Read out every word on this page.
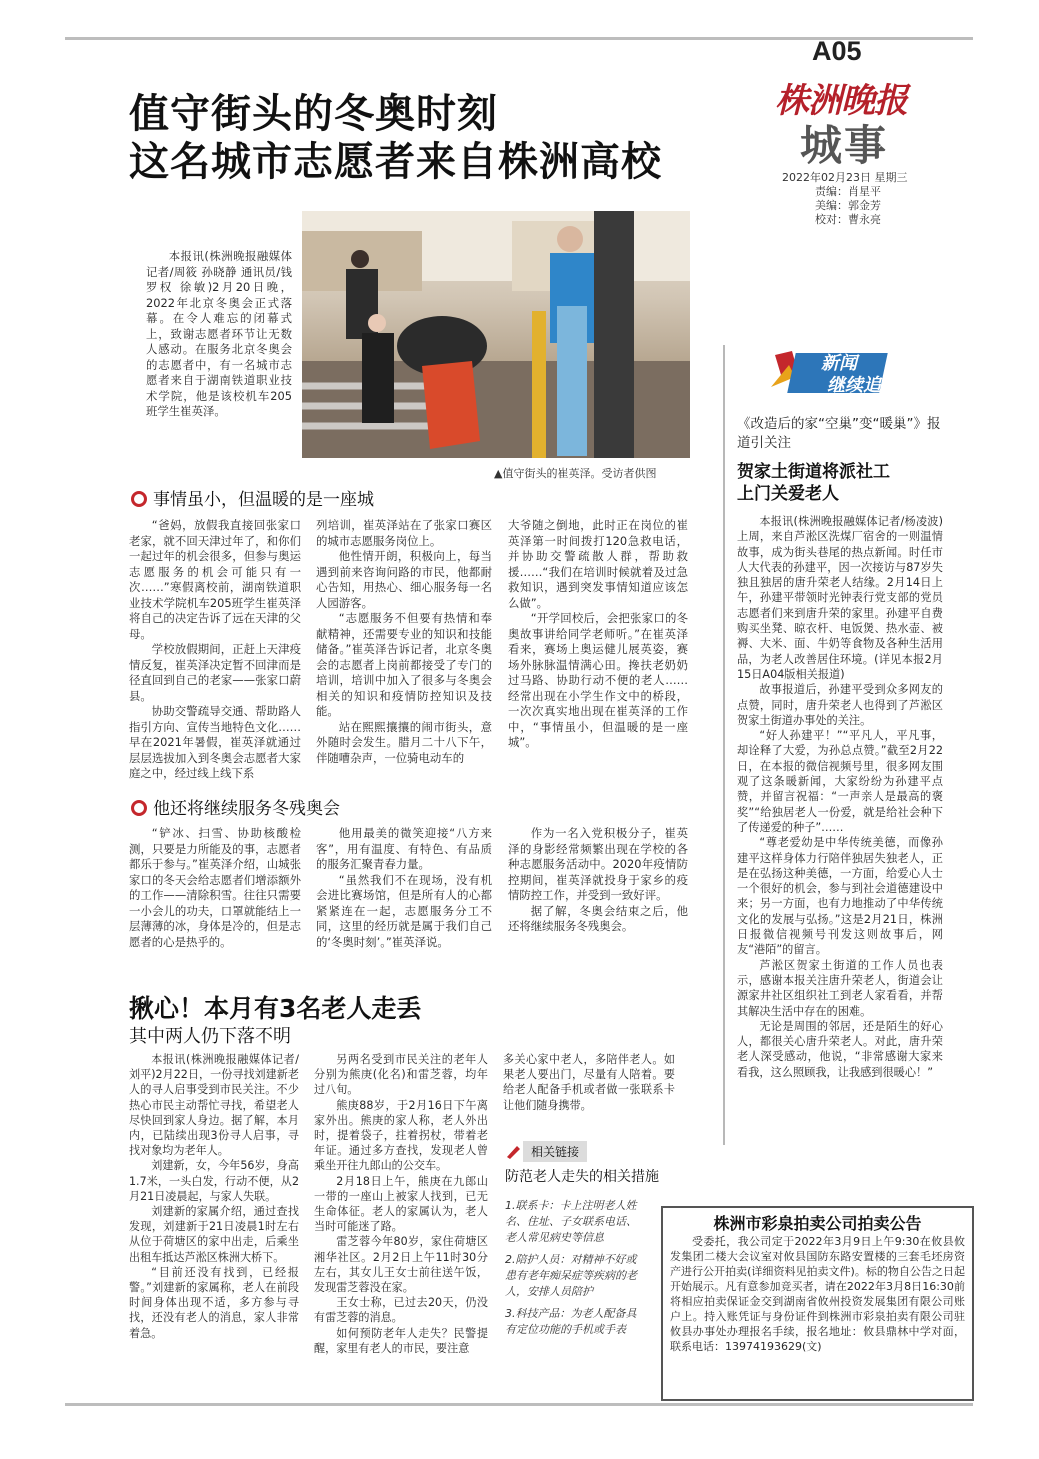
A05
株洲晚报
城事
2022年02月23日 星期三
责编：肖星平
美编：郭金芳
校对：曹永亮
值守街头的冬奥时刻
这名城市志愿者来自株洲高校

本报讯(株洲晚报融媒体记者/周筱 孙晓静 通讯员/钱罗权 徐敏)2月20日晚，2022年北京冬奥会正式落幕。在令人难忘的闭幕式上，致谢志愿者环节让无数人感动。在服务北京冬奥会的志愿者中，有一名城市志愿者来自于湖南铁道职业技术学院，他是该校机车205班学生崔英泽。

▲值守街头的崔英泽。受访者供图
事情虽小，但温暖的是一座城

“爸妈，放假我直接回张家口老家，就不回天津过年了，和你们一起过年的机会很多，但参与奥运志愿服务的机会可能只有一次……”寒假离校前，湖南铁道职业技术学院机车205班学生崔英泽将自己的决定告诉了远在天津的父母。

学校放假期间，正赶上天津疫情反复，崔英泽决定暂不回津而是径直回到自己的老家——张家口蔚县。

协助交警疏导交通、帮助路人指引方向、宣传当地特色文化……早在2021年暑假，崔英泽就通过层层选拔加入到冬奥会志愿者大家庭之中，经过线上线下系

列培训，崔英泽站在了张家口赛区的城市志愿服务岗位上。

他性情开朗，积极向上，每当遇到前来咨询问路的市民，他都耐心告知，用热心、细心服务每一名人园游客。

“志愿服务不但要有热情和奉献精神，还需要专业的知识和技能储备。”崔英泽告诉记者，北京冬奥会的志愿者上岗前都接受了专门的培训，培训中加入了很多与冬奥会相关的知识和疫情防控知识及技能。

站在熙熙攘攘的闹市街头，意外随时会发生。腊月二十八下午，伴随嘈杂声，一位骑电动车的

大爷随之倒地，此时正在岗位的崔英泽第一时间拨打120急救电话，并协助交警疏散人群，帮助救援……“我们在培训时候就着及过急救知识，遇到突发事情知道应该怎么做”。

“开学回校后，会把张家口的冬奥故事讲给同学老师听。”在崔英泽看来，赛场上奥运健儿展英姿，赛场外脉脉温情满心田。搀扶老奶奶过马路、协助行动不便的老人……经常出现在小学生作文中的桥段，一次次真实地出现在崔英泽的工作中，“事情虽小，但温暖的是一座城”。

他还将继续服务冬残奥会

“铲冰、扫雪、协助核酸检测，只要是力所能及的事，志愿者都乐于参与。”崔英泽介绍，山城张家口的冬天会给志愿者们增添额外的工作——清除积雪。往往只需要一小会儿的功夫，口罩就能结上一层薄薄的冰，身体是冷的，但是志愿者的心是热乎的。

他用最美的微笑迎接“八方来客”，用有温度、有特色、有品质的服务汇聚青春力量。

“虽然我们不在现场，没有机会进比赛场馆，但是所有人的心都紧紧连在一起，志愿服务分工不同，这里的经历就是属于我们自己的‘冬奥时刻’。”崔英泽说。

作为一名入党积极分子，崔英泽的身影经常频繁出现在学校的各种志愿服务活动中。2020年疫情防控期间，崔英泽就投身于家乡的疫情防控工作，并受到一致好评。

据了解，冬奥会结束之后，他还将继续服务冬残奥会。

揪心！本月有3名老人走丢
其中两人仍下落不明

本报讯(株洲晚报融媒体记者/刘平)2月22日，一份寻找刘建新老人的寻人启事受到市民关注。不少热心市民主动帮忙寻找，希望老人尽快回到家人身边。据了解，本月内，已陆续出现3份寻人启事，寻找对象均为老年人。

刘建新，女，今年56岁，身高1.7米，一头白发，行动不便，从2月21日凌晨起，与家人失联。

刘建新的家属介绍，通过查找发现，刘建新于21日凌晨1时左右从位于荷塘区的家中出走，后乘坐出租车抵达芦淞区株洲大桥下。

“目前还没有找到，已经报警。”刘建新的家属称，老人在前段时间身体出现不适，多方参与寻找，还没有老人的消息，家人非常着急。

另两名受到市民关注的老年人分别为熊庚(化名)和雷芝蓉，均年过八旬。

熊庚88岁，于2月16日下午离家外出。熊庚的家人称，老人外出时，提着袋子，拄着拐杖，带着老年证。通过多方查找，发现老人曾乘坐开往九郎山的公交车。

2月18日上午，熊庚在九郎山一带的一座山上被家人找到，已无生命体征。老人的家属认为，老人当时可能迷了路。

雷芝蓉今年80岁，家住荷塘区湘华社区。2月2日上午11时30分左右，其女儿王女士前往送午饭，发现雷芝蓉没在家。

王女士称，已过去20天，仍没有雷芝蓉的消息。

如何预防老年人走失？民警提醒，家里有老人的市民，要注意

多关心家中老人，多陪伴老人。如果老人要出门，尽量有人陪着。要给老人配备手机或者做一张联系卡让他们随身携带。

相关链接
防范老人走失的相关措施

1.联系卡：卡上注明老人姓名、住址、子女联系电话、老人常见病史等信息

2.陪护人员：对精神不好或患有老年痴呆症等疾病的老人，安排人员陪护

3.科技产品：为老人配备具有定位功能的手机或手表

新闻
继续追
《改造后的家“空巢”变“暖巢”》报道引关注
贺家土街道将派社工
上门关爱老人

本报讯(株洲晚报融媒体记者/杨凌波)上周，来自芦淞区洗煤厂宿舍的一则温情故事，成为街头巷尾的热点新闻。时任市人大代表的孙建平，因一次接访与87岁失独且独居的唐升荣老人结缘。2月14日上午，孙建平带领时光钟表行党支部的党员志愿者们来到唐升荣的家里。孙建平自费购买坐凳、晾衣杆、电饭煲、热水壶、被褥、大米、面、牛奶等食物及各种生活用品，为老人改善居住环境。(详见本报2月15日A04版相关报道)

故事报道后，孙建平受到众多网友的点赞，同时，唐升荣老人也得到了芦淞区贺家土街道办事处的关注。

“好人孙建平！”“平凡人，平凡事，却诠释了大爱，为孙总点赞。”截至2月22日，在本报的微信视频号里，很多网友围观了这条暖新闻，大家纷纷为孙建平点赞，并留言祝福：“一声亲人是最高的褒奖”“给独居老人一份爱，就是给社会种下了传递爱的种子”……

“尊老爱幼是中华传统美德，而像孙建平这样身体力行陪伴独居失独老人，正是在弘扬这种美德，一方面，给爱心人士一个很好的机会，参与到社会道德建设中来；另一方面，也有力地推动了中华传统文化的发展与弘扬。”这是2月21日，株洲日报微信视频号刊发这则故事后，网友“港陌”的留言。

芦淞区贺家土街道的工作人员也表示，感谢本报关注唐升荣老人，街道会让源家井社区组织社工到老人家看看，并帮其解决生活中存在的困难。

无论是周围的邻居，还是陌生的好心人，都很关心唐升荣老人。对此，唐升荣老人深受感动，他说，“非常感谢大家来看我，这么照顾我，让我感到很暖心！”

株洲市彩泉拍卖公司拍卖公告

受委托，我公司定于2022年3月9日上午9:30在攸县攸发集团二楼大会议室对攸县国防东路安置楼的三套毛坯房资产进行公开拍卖(详细资料见拍卖文件)。标的物自公告之日起开始展示。凡有意参加竞买者，请在2022年3月8日16:30前将相应拍卖保证金交到湖南省攸州投资发展集团有限公司账户上。持入账凭证与身份证件到株洲市彩泉拍卖有限公司驻攸县办事处办理报名手续，报名地址：攸县鼎林中学对面，联系电话：13974193629(文)
